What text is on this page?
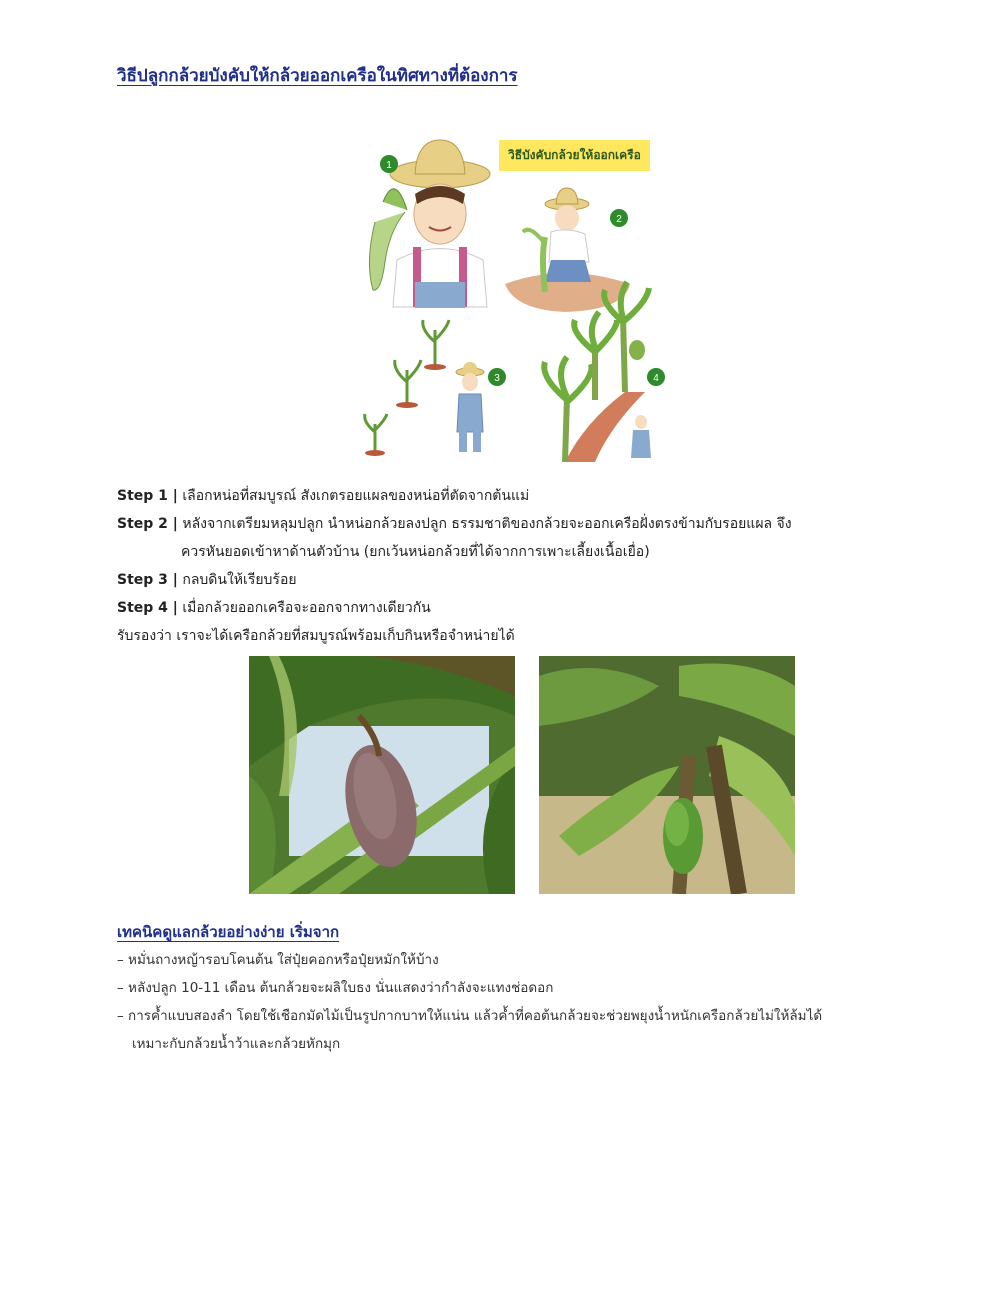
วิธีปลูกกล้วยบังคับให้กล้วยออกเครือในทิศทางที่ต้องการ
1
2
3	4
วิธีบังคับกล้วยให้ออกเครือ
Step 1 | เลือกหน่อที่สมบูรณ์ สังเกตรอยแผลของหน่อที่ตัดจากต้นแม่
Step 2 | หลังจากเตรียมหลุมปลูก นำหน่อกล้วยลงปลูก ธรรมชาติของกล้วยจะออกเครือฝั่งตรงข้ามกับรอยแผล จึง
ควรหันยอดเข้าหาด้านตัวบ้าน (ยกเว้นหน่อกล้วยที่ได้จากการเพาะเลี้ยงเนื้อเยื่อ)
Step 3 | กลบดินให้เรียบร้อย
Step 4 | เมื่อกล้วยออกเครือจะออกจากทางเดียวกัน
รับรองว่า เราจะได้เครือกล้วยที่สมบูรณ์พร้อมเก็บกินหรือจำหน่ายได้
เทคนิคดูแลกล้วยอย่างง่าย เริ่มจาก
– หมั่นถางหญ้ารอบโคนต้น ใส่ปุ๋ยคอกหรือปุ๋ยหมักให้บ้าง
– หลังปลูก 10-11 เดือน ต้นกล้วยจะผลิใบธง นั่นแสดงว่ากำลังจะแทงช่อดอก
– การค้ำแบบสองลำ โดยใช้เชือกมัดไม้เป็นรูปกากบาทให้แน่น แล้วค้ำที่คอต้นกล้วยจะช่วยพยุงน้ำหนักเครือกล้วยไม่ให้ล้มได้
เหมาะกับกล้วยน้ำว้าและกล้วยหักมุก
